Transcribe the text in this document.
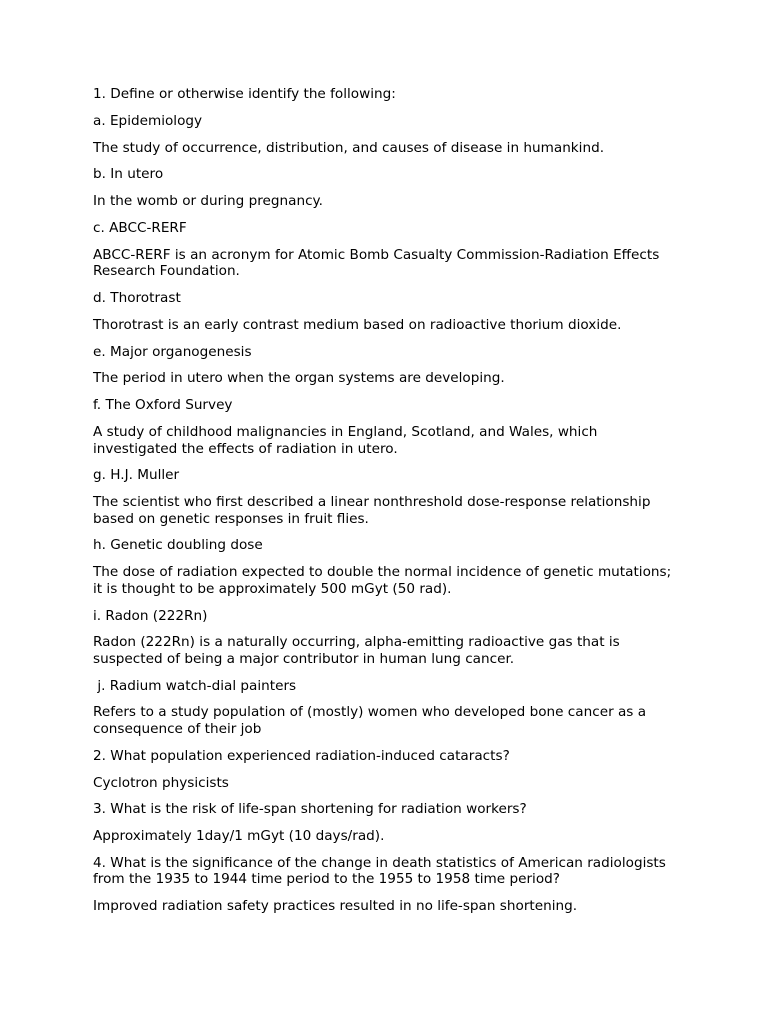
1. Define or otherwise identify the following:

a. Epidemiology

The study of occurrence, distribution, and causes of disease in humankind.

b. In utero

In the womb or during pregnancy.

c. ABCC-RERF

ABCC-RERF is an acronym for Atomic Bomb Casualty Commission-Radiation Effects Research Foundation.

d. Thorotrast

Thorotrast is an early contrast medium based on radioactive thorium dioxide.

e. Major organogenesis

The period in utero when the organ systems are developing.

f. The Oxford Survey

A study of childhood malignancies in England, Scotland, and Wales, which investigated the effects of radiation in utero.

g. H.J. Muller

The scientist who first described a linear nonthreshold dose-response relationship based on genetic responses in fruit flies.

h. Genetic doubling dose

The dose of radiation expected to double the normal incidence of genetic mutations; it is thought to be approximately 500 mGyt (50 rad).

i. Radon (222Rn)

Radon (222Rn) is a naturally occurring, alpha-emitting radioactive gas that is suspected of being a major contributor in human lung cancer.

j. Radium watch-dial painters

Refers to a study population of (mostly) women who developed bone cancer as a consequence of their job

2. What population experienced radiation-induced cataracts?

Cyclotron physicists

3. What is the risk of life-span shortening for radiation workers?

Approximately 1day/1 mGyt (10 days/rad).

4. What is the significance of the change in death statistics of American radiologists from the 1935 to 1944 time period to the 1955 to 1958 time period?

Improved radiation safety practices resulted in no life-span shortening.
